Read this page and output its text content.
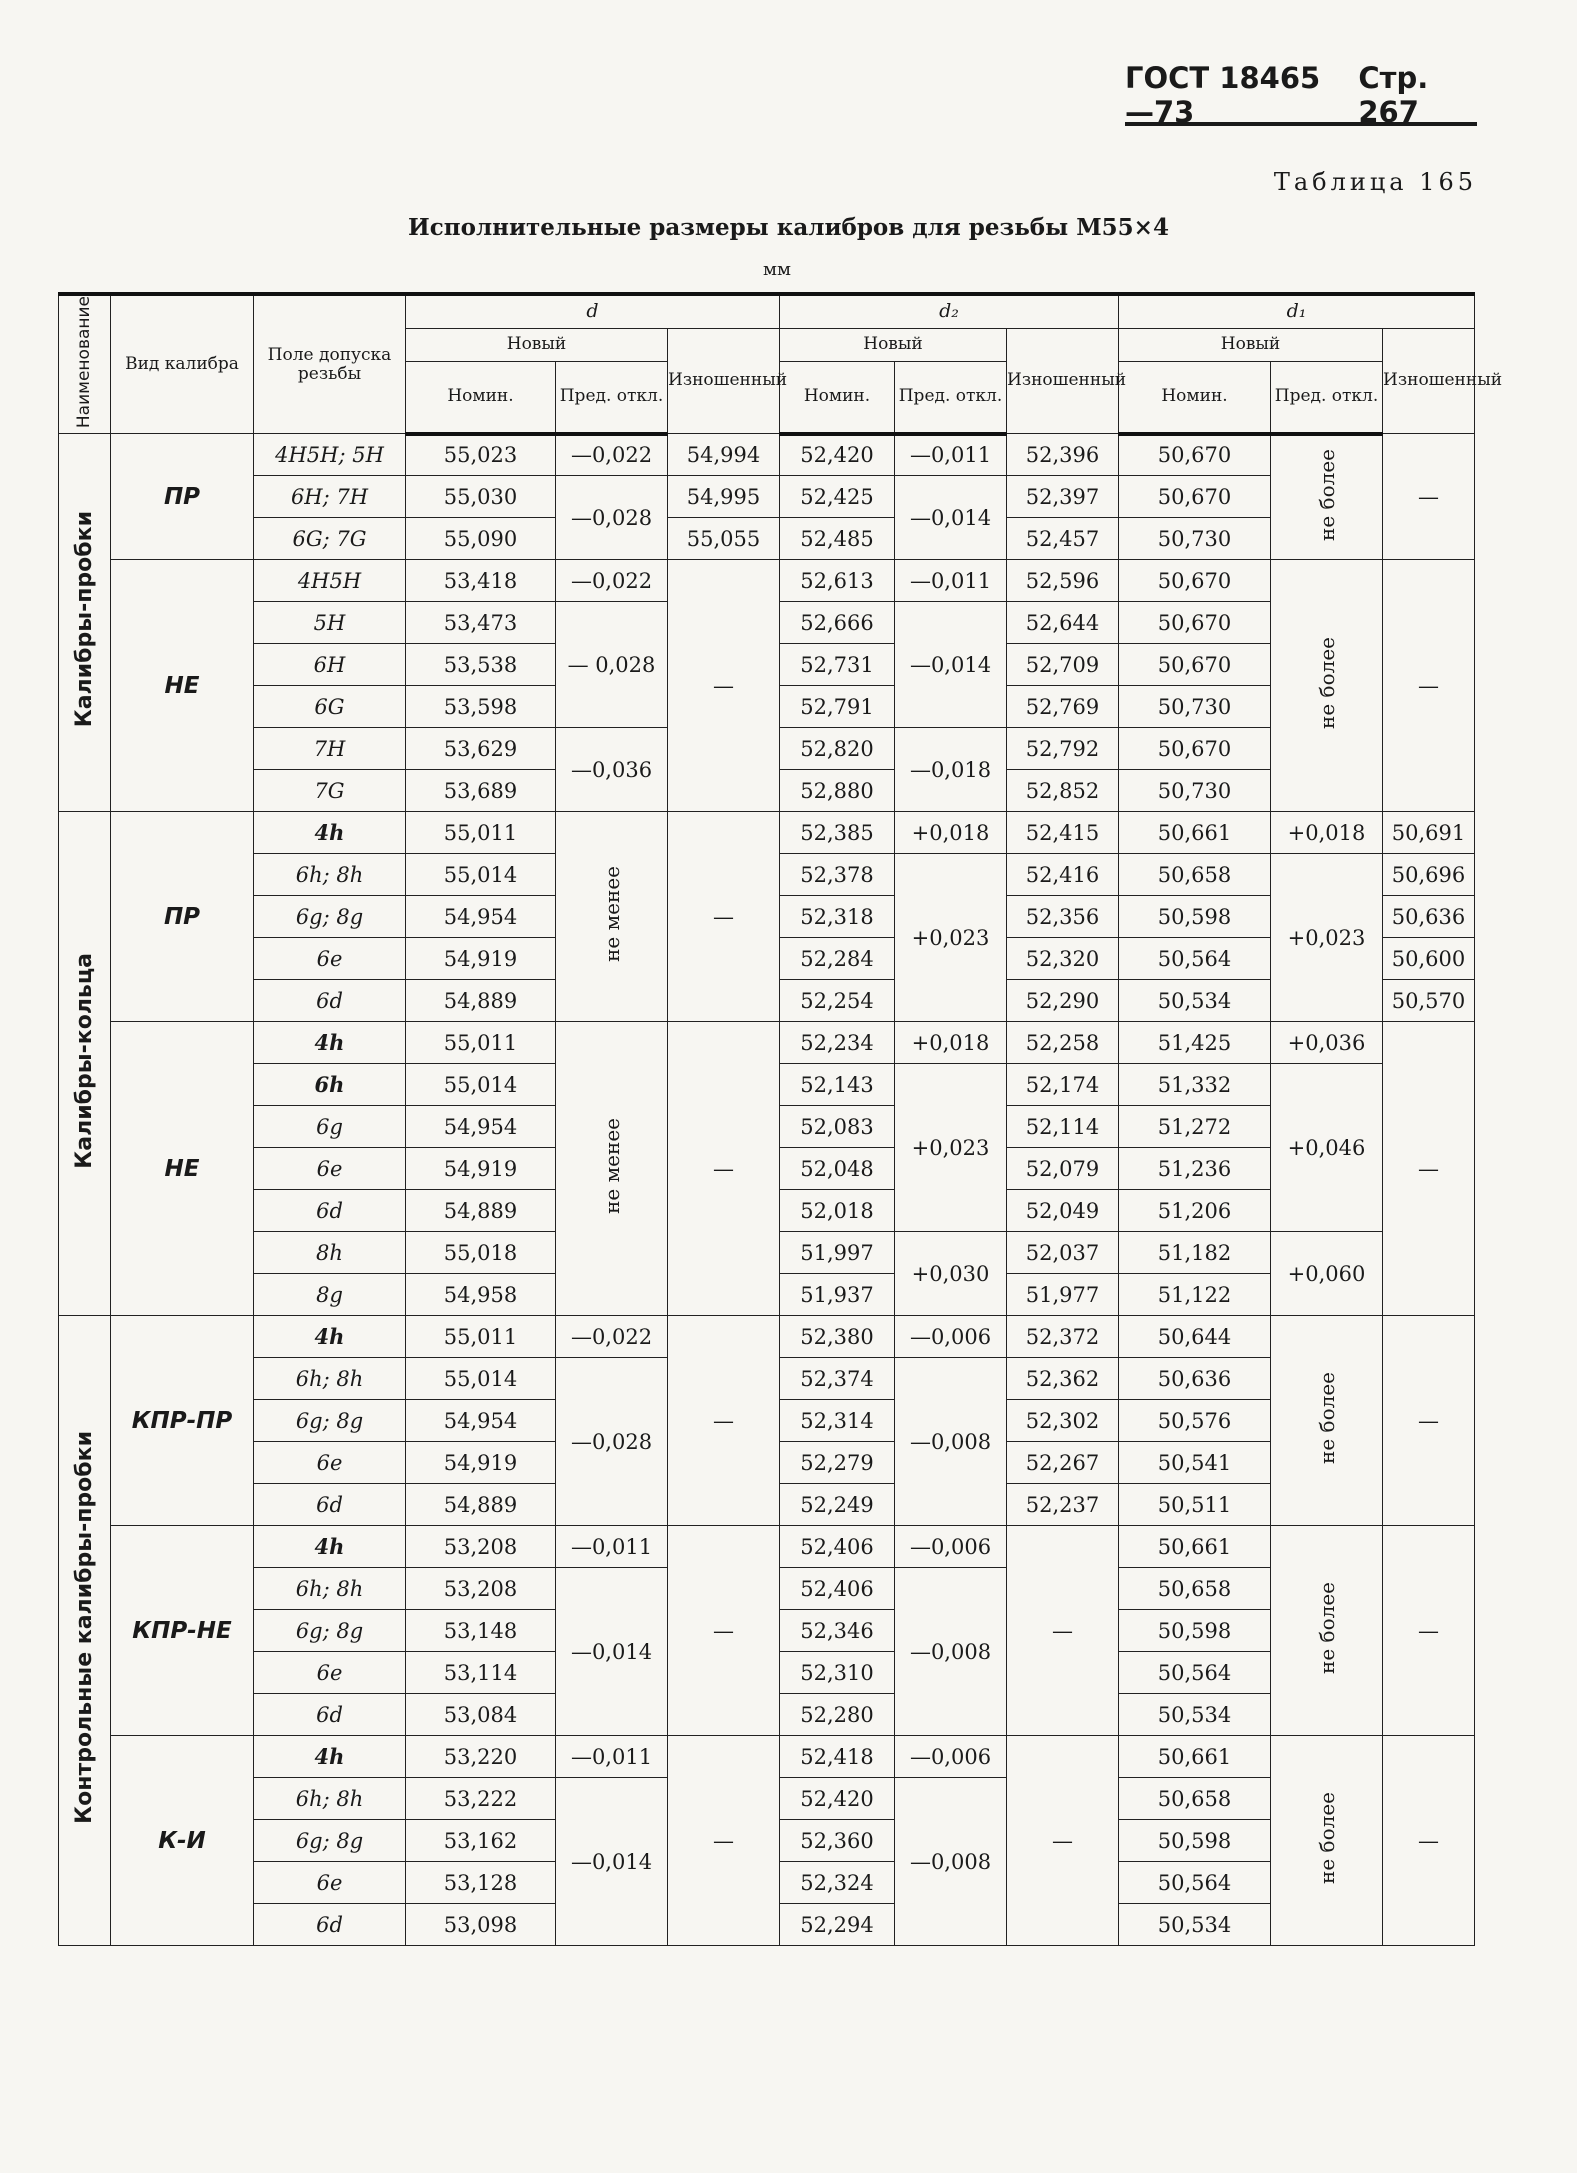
ГОСТ 18465—73
Стр. 267
Таблица 165
Исполнительные размеры калибров для резьбы M55×4
мм
Наименование	Вид калибра	Поле допуска резьбы	d			d₂			d₁		
			Новый		Изношенный	Новый		Изношенный	Новый		Изношенный
			Номин.	Пред. откл.		Номин.	Пред. откл.		Номин.	Пред. откл.	
Калибры-пробки	ПР	4H5H; 5H	55,023	—0,022	54,994	52,420	—0,011	52,396	50,670	не более	—
		6H; 7H	55,030	—0,028	54,995	52,425	—0,014	52,397	50,670		
		6G; 7G	55,090		55,055	52,485		52,457	50,730		
	НЕ	4H5H	53,418	—0,022	—	52,613	—0,011	52,596	50,670	не более	—
		5H	53,473	— 0,028		52,666	—0,014	52,644	50,670		
		6H	53,538			52,731		52,709	50,670		
		6G	53,598			52,791		52,769	50,730		
		7H	53,629	—0,036		52,820	—0,018	52,792	50,670		
		7G	53,689			52,880		52,852	50,730		
Калибры-кольца	ПР	4h	55,011	не менее	—	52,385	+0,018	52,415	50,661	+0,018	50,691
		6h; 8h	55,014			52,378	+0,023	52,416	50,658	+0,023	50,696
		6g; 8g	54,954			52,318		52,356	50,598		50,636
		6e	54,919			52,284		52,320	50,564		50,600
		6d	54,889			52,254		52,290	50,534		50,570
	НЕ	4h	55,011	не менее	—	52,234	+0,018	52,258	51,425	+0,036	—
		6h	55,014			52,143	+0,023	52,174	51,332	+0,046	
		6g	54,954			52,083		52,114	51,272		
		6e	54,919			52,048		52,079	51,236		
		6d	54,889			52,018		52,049	51,206		
		8h	55,018			51,997	+0,030	52,037	51,182	+0,060	
		8g	54,958			51,937		51,977	51,122		
Контрольные калибры-пробки	КПР-ПР	4h	55,011	—0,022	—	52,380	—0,006	52,372	50,644	не более	—
		6h; 8h	55,014	—0,028		52,374	—0,008	52,362	50,636		
		6g; 8g	54,954			52,314		52,302	50,576		
		6e	54,919			52,279		52,267	50,541		
		6d	54,889			52,249		52,237	50,511		
	КПР-НЕ	4h	53,208	—0,011	—	52,406	—0,006	—	50,661	не более	—
		6h; 8h	53,208	—0,014		52,406	—0,008		50,658		
		6g; 8g	53,148			52,346			50,598		
		6e	53,114			52,310			50,564		
		6d	53,084			52,280			50,534		
	К-И	4h	53,220	—0,011	—	52,418	—0,006	—	50,661	не более	—
		6h; 8h	53,222	—0,014		52,420	—0,008		50,658		
		6g; 8g	53,162			52,360			50,598		
		6e	53,128			52,324			50,564		
		6d	53,098			52,294			50,534		
